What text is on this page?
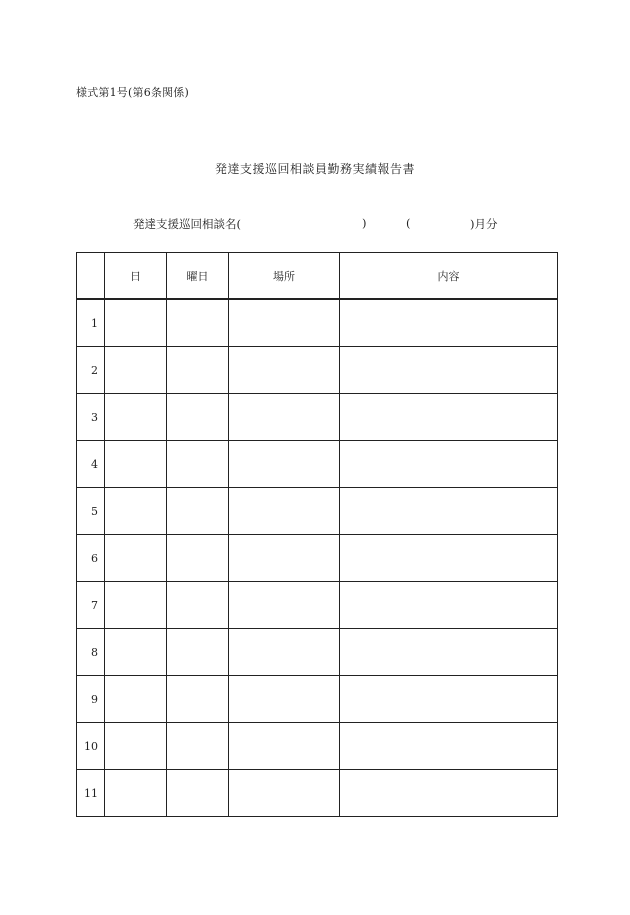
様式第1号(第6条関係)
発達支援巡回相談員勤務実績報告書
発達支援巡回相談名(	)	(	)月分
	日	曜日	場所	内容
1				
2				
3				
4				
5				
6				
7				
8				
9				
10				
11				
